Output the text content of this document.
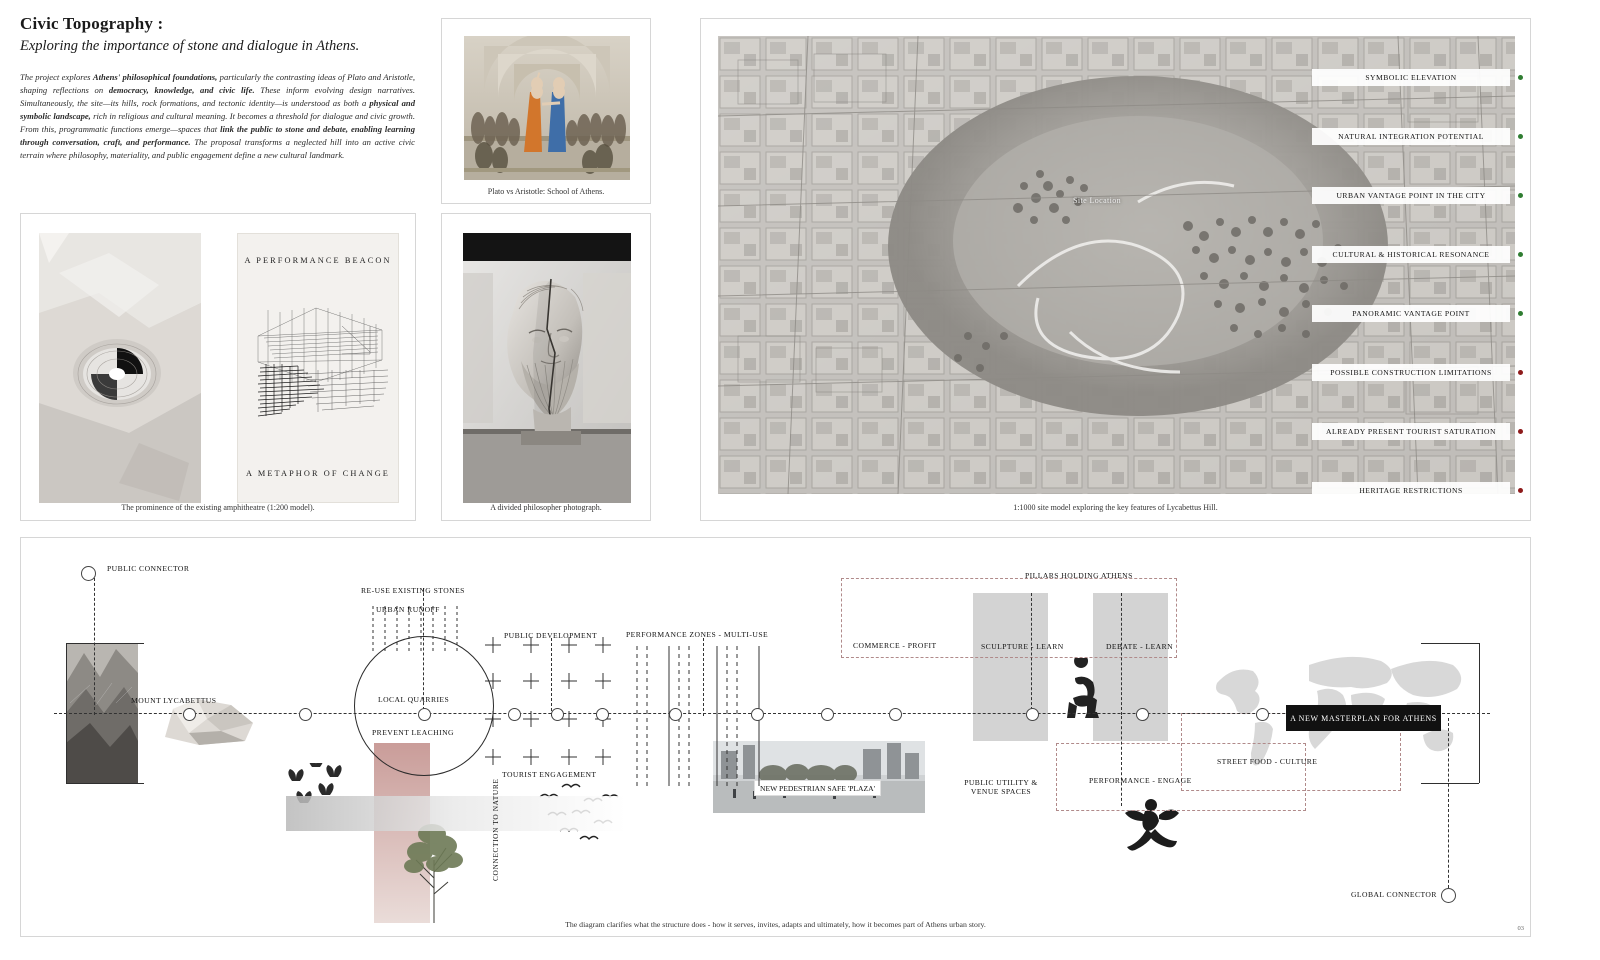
Civic Topography :
Exploring the importance of stone and dialogue in Athens.
The project explores Athens' philosophical foundations, particularly the contrasting ideas of Plato and Aristotle, shaping reflections on democracy, knowledge, and civic life. These inform evolving design narratives. Simultaneously, the site—its hills, rock formations, and tectonic identity—is understood as both a physical and symbolic landscape, rich in religious and cultural meaning. It becomes a threshold for dialogue and civic growth. From this, programmatic functions emerge—spaces that link the public to stone and debate, enabling learning through conversation, craft, and performance. The proposal transforms a neglected hill into an active civic terrain where philosophy, materiality, and public engagement define a new cultural landmark.
Plato vs Aristotle: School of Athens.
A PERFORMANCE BEACON
A METAPHOR OF CHANGE
The prominence of the existing amphitheatre (1:200 model).	A divided philosopher photograph.
Site Location
SYMBOLIC ELEVATION
NATURAL INTEGRATION POTENTIAL
URBAN VANTAGE POINT IN THE CITY
CULTURAL & HISTORICAL RESONANCE
PANORAMIC VANTAGE POINT
POSSIBLE CONSTRUCTION LIMITATIONS
ALREADY PRESENT TOURIST SATURATION
HERITAGE RESTRICTIONS
1:1000 site model exploring the key features of Lycabettus Hill.
NEW PEDESTRIAN SAFE 'PLAZA'
A NEW MASTERPLAN FOR ATHENS
CONNECTION TO NATURE
PUBLIC CONNECTOR
MOUNT LYCABETTUS
RE-USE EXISTING STONES
URBAN RUNOFF
LOCAL QUARRIES
PREVENT LEACHING
PUBLIC DEVELOPMENT
TOURIST ENGAGEMENT
PERFORMANCE ZONES - MULTI-USE
PILLARS HOLDING ATHENS
COMMERCE - PROFIT	SCULPTURE - LEARN	DEBATE - LEARN
PUBLIC UTILITY & VENUE SPACES
PERFORMANCE - ENGAGE
STREET FOOD - CULTURE
GLOBAL CONNECTOR
The diagram clarifies what the structure does - how it serves, invites, adapts and ultimately, how it becomes part of Athens urban story.	03
